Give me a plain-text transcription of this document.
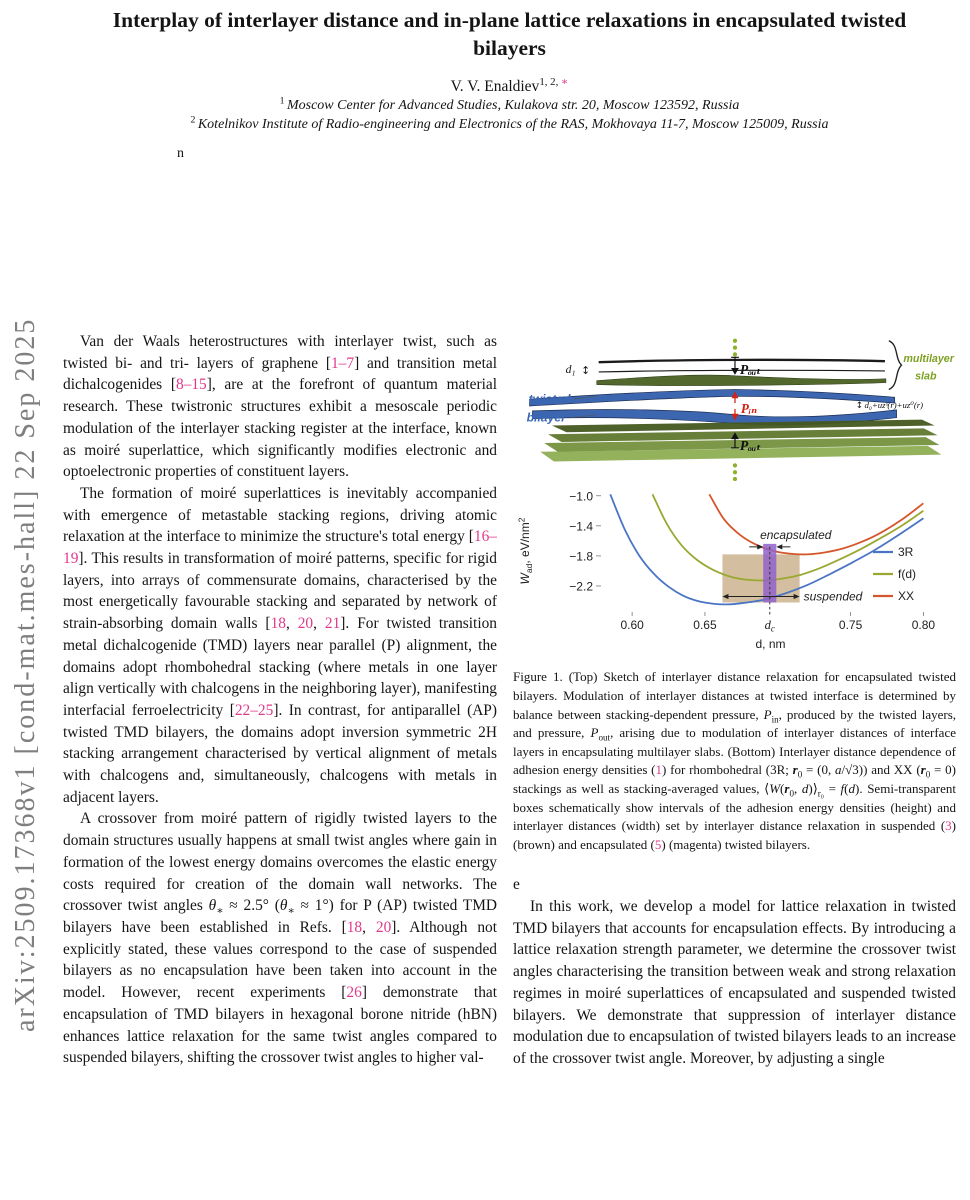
arXiv:2509.17368v1 [cond-mat.mes-hall] 22 Sep 2025
Interplay of interlayer distance and in-plane lattice relaxations in encapsulated twisted bilayers
V. V. Enaldiev$^{1, 2,}$ ∗
$^1$ Moscow Center for Advanced Studies, Kulakova str. 20, Moscow 123592, Russia
$^2$ Kotelnikov Institute of Radio-engineering and Electronics of the RAS, Mokhovaya 11-7, Moscow 125009, Russia

n

Van der Waals heterostructures with interlayer twist, such as twisted bi- and tri- layers of graphene [1–7] and transition metal dichalcogenides [8–15], are at the forefront of quantum material research. These twistronic structures exhibit a mesoscale periodic modulation of the interlayer stacking register at the interface, known as moiré superlattice, which significantly modifies electronic and optoelectronic properties of constituent layers.

The formation of moiré superlattices is inevitably accompanied with emergence of metastable stacking regions, driving atomic relaxation at the interface to minimize the structure's total energy [16–19]. This results in transformation of moiré patterns, specific for rigid layers, into arrays of commensurate domains, characterised by the most energetically favourable stacking and separated by network of strain-absorbing domain walls [18, 20, 21]. For twisted transition metal dichalcogenide (TMD) layers near parallel (P) alignment, the domains adopt rhombohedral stacking (where metals in one layer align vertically with chalcogens in the neighboring layer), manifesting interfacial ferroelectricity [22–25]. In contrast, for antiparallel (AP) twisted TMD bilayers, the domains adopt inversion symmetric 2H stacking arrangement characterised by vertical alignment of metals with chalcogens and, simultaneously, chalcogens with metals in adjacent layers.

A crossover from moiré pattern of rigidly twisted layers to the domain structures usually happens at small twist angles where gain in formation of the lowest energy domains overcomes the elastic energy costs required for creation of the domain wall networks. The crossover twist angles $\theta_∗ \approx 2.5^\circ$ $(\theta_∗ \approx 1^\circ)$ for P (AP) twisted TMD bilayers have been established in Refs. [18, 20]. Although not explicitly stated, these values correspond to the case of suspended bilayers as no encapsulation have been taken into account in the model. However, recent experiments [26] demonstrate that encapsulation of TMD bilayers in hexagonal borone nitride (hBN) enhances lattice relaxation for the same twist angles compared to suspended bilayers, shifting the crossover twist angles to higher val-

d₁ ↕
multilayer
slab
Pₒᵤₜ
twisted
bilayer
Pᵢₙ	↕ d₀+uzˢ(r)+uz⁰(r)
Pₒᵤₜ

encapsulated
suspended
3R
f(d)
XX
0.60	0.65	0.75	0.80
$d_c$
−1.0
−1.4
−1.8
−2.2
d, nm
$W_{ad}$, $eV/nm^2$
Figure 1. (Top) Sketch of interlayer distance relaxation for encapsulated twisted bilayers. Modulation of interlayer distances at twisted interface is determined by balance between stacking-dependent pressure, $P_{in}$, produced by the twisted layers, and pressure, $P_{out}$, arising due to modulation of interlayer distances of interface layers in encapsulating multilayer slabs. (Bottom) Interlayer distance dependence of adhesion energy densities (1) for rhombohedral (3R; $r_0 = (0$, a/√3)) and XX $(r_0 = 0)$ stackings as well as stacking-averaged values, $⟨W(r_0$, $d)⟩_{r_0} = f(d)$. Semi-transparent boxes schematically show intervals of the adhesion energy densities (height) and interlayer distances (width) set by interlayer distance relaxation in suspended (3) (brown) and encapsulated (5) (magenta) twisted bilayers.

e

In this work, we develop a model for lattice relaxation in twisted TMD bilayers that accounts for encapsulation effects. By introducing a lattice relaxation strength parameter, we determine the crossover twist angles characterising the transition between weak and strong relaxation regimes in moiré superlattices of encapsulated and suspended twisted bilayers. We demonstrate that suppression of interlayer distance modulation due to encapsulation of twisted bilayers leads to an increase of the crossover twist angle. Moreover, by adjusting a single
